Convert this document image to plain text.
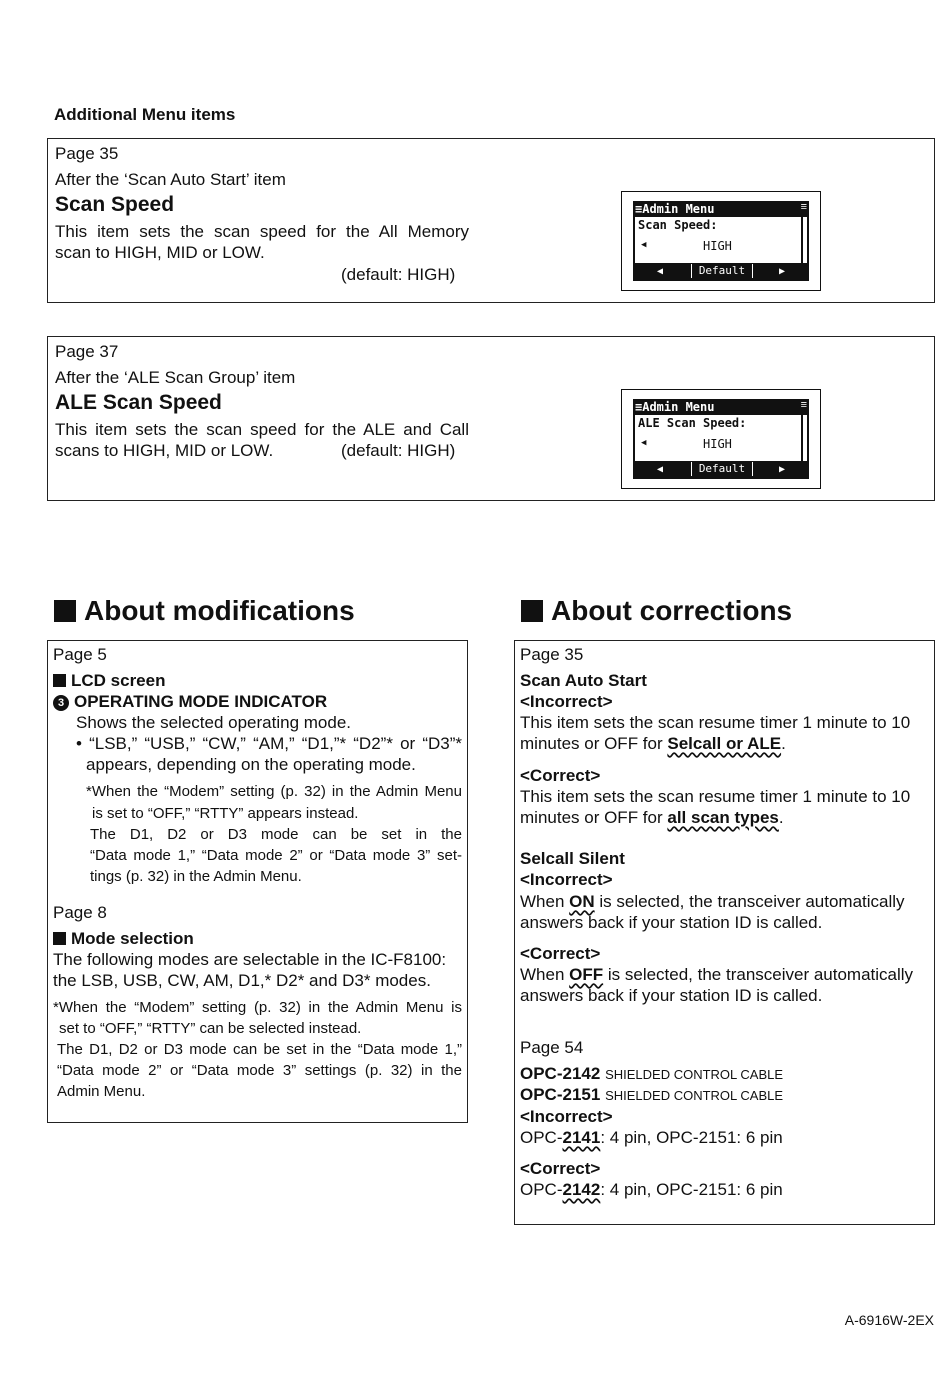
Additional Menu items
Page 35
After the ‘Scan Auto Start’ item
Scan Speed
This item sets the scan speed for the All Memory
scan to HIGH, MID or LOW.
(default: HIGH)
≡Admin Menu	≡
Scan Speed:
◀	HIGH
◀	Default	▶
Page 37
After the ‘ALE Scan Group’ item
ALE Scan Speed
This item sets the scan speed for the ALE and Call
scans to HIGH, MID or LOW.	(default: HIGH)
≡Admin Menu	≡
ALE Scan Speed:
◀	HIGH
◀	Default	▶
About modifications
Page 5
LCD screen
3 OPERATING MODE INDICATOR
Shows the selected operating mode.
• “LSB,” “USB,” “CW,” “AM,” “D1,”* “D2”* or “D3”*
appears, depending on the operating mode.
*When the “Modem” setting (p. 32) in the Admin Menu
is set to “OFF,” “RTTY” appears instead.
The D1, D2 or D3 mode can be set in the
“Data mode 1,” “Data mode 2” or “Data mode 3” set-
tings (p. 32) in the Admin Menu.
Page 8
Mode selection
The following modes are selectable in the IC-F8100:
the LSB, USB, CW, AM, D1,* D2* and D3* modes.
*When the “Modem” setting (p. 32) in the Admin Menu is
set to “OFF,” “RTTY” can be selected instead.
The D1, D2 or D3 mode can be set in the “Data mode 1,”
“Data mode 2” or “Data mode 3” settings (p. 32) in the
Admin Menu.
About corrections
Page 35
Scan Auto Start
<Incorrect>
This item sets the scan resume timer 1 minute to 10
minutes or OFF for Selcall or ALE.
<Correct>
This item sets the scan resume timer 1 minute to 10
minutes or OFF for all scan types.
Selcall Silent
<Incorrect>
When ON is selected, the transceiver automatically
answers back if your station ID is called.
<Correct>
When OFF is selected, the transceiver automatically
answers back if your station ID is called.
Page 54
OPC-2142 SHIELDED CONTROL CABLE
OPC-2151 SHIELDED CONTROL CABLE
<Incorrect>
OPC-2141: 4 pin, OPC-2151: 6 pin
<Correct>
OPC-2142: 4 pin, OPC-2151: 6 pin
A-6916W-2EX
